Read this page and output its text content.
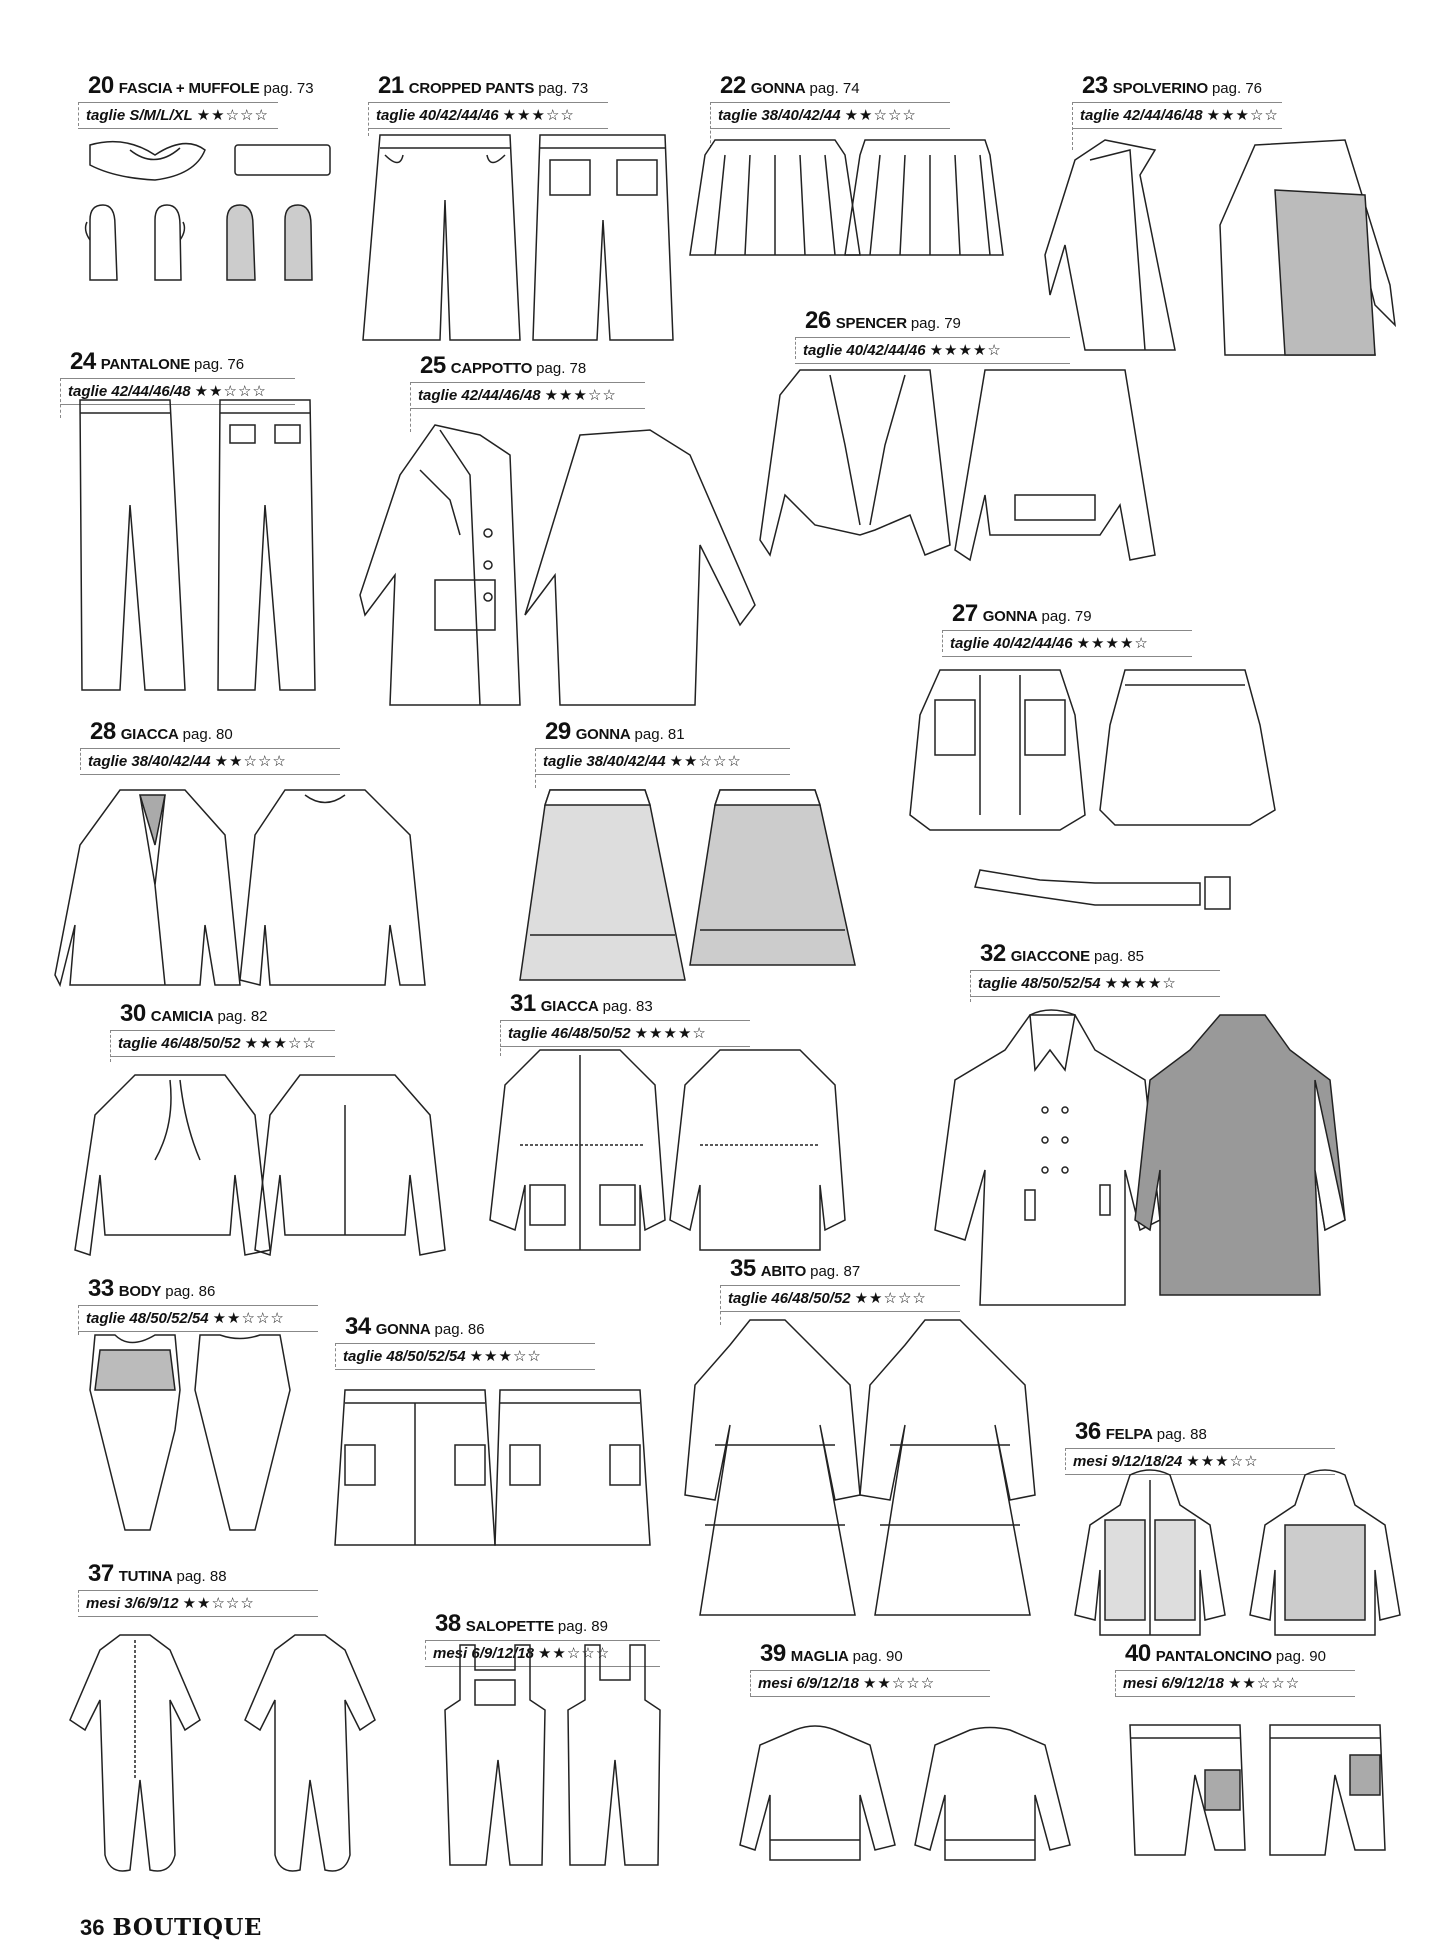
20 FASCIA + MUFFOLE pag. 73
taglie S/M/L/XL ★★☆☆☆
21 CROPPED PANTS pag. 73
taglie 40/42/44/46 ★★★☆☆
22 GONNA pag. 74
taglie 38/40/42/44 ★★☆☆☆
23 SPOLVERINO pag. 76
taglie 42/44/46/48 ★★★☆☆
24 PANTALONE pag. 76
taglie 42/44/46/48 ★★☆☆☆
25 CAPPOTTO pag. 78
taglie 42/44/46/48 ★★★☆☆
26 SPENCER pag. 79
taglie 40/42/44/46 ★★★★☆
27 GONNA pag. 79
taglie 40/42/44/46 ★★★★☆
28 GIACCA pag. 80
taglie 38/40/42/44 ★★☆☆☆
29 GONNA pag. 81
taglie 38/40/42/44 ★★☆☆☆
30 CAMICIA pag. 82
taglie 46/48/50/52 ★★★☆☆
31 GIACCA pag. 83
taglie 46/48/50/52 ★★★★☆
32 GIACCONE pag. 85
taglie 48/50/52/54 ★★★★☆
33 BODY pag. 86
taglie 48/50/52/54 ★★☆☆☆	34 GONNA pag. 86
taglie 48/50/52/54 ★★★☆☆
35 ABITO pag. 87
taglie 46/48/50/52 ★★☆☆☆
36 FELPA pag. 88
mesi 9/12/18/24 ★★★☆☆
37 TUTINA pag. 88
mesi 3/6/9/12 ★★☆☆☆
38 SALOPETTE pag. 89
mesi 6/9/12/18 ★★☆☆☆	39 MAGLIA pag. 90
mesi 6/9/12/18 ★★☆☆☆
40 PANTALONCINO pag. 90
mesi 6/9/12/18 ★★☆☆☆
36 BOUTIQUE
